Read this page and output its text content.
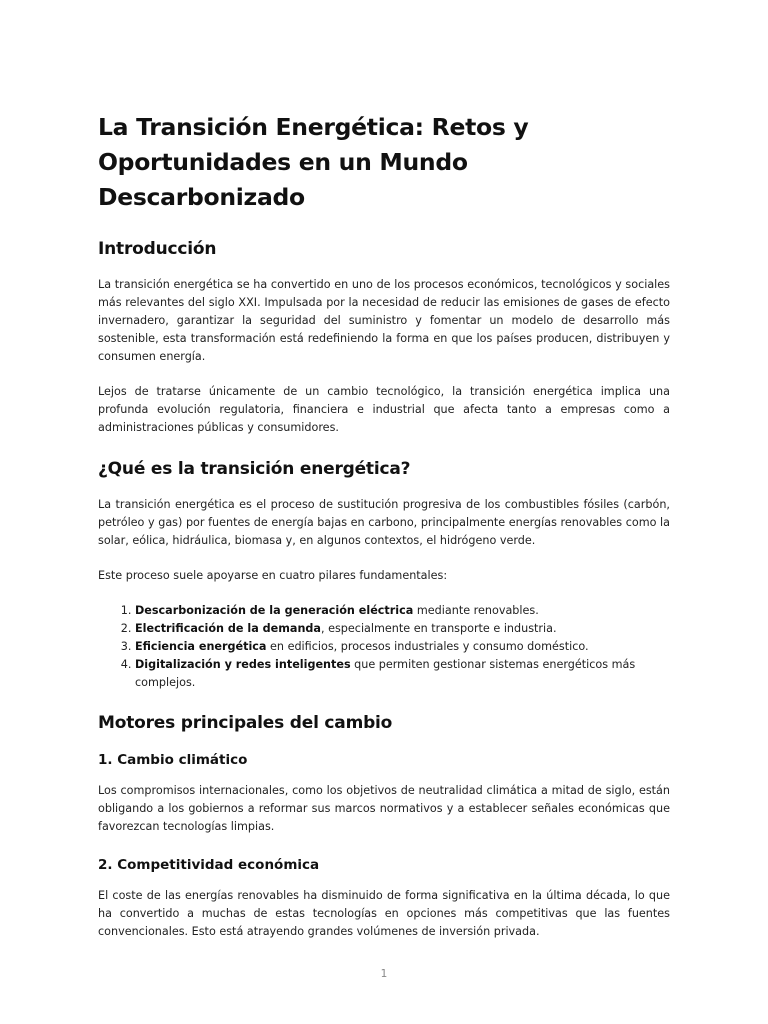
La Transición Energética: Retos y Oportunidades en un Mundo Descarbonizado
Introducción

La transición energética se ha convertido en uno de los procesos económicos, tecnológicos y sociales más relevantes del siglo XXI. Impulsada por la necesidad de reducir las emisiones de gases de efecto invernadero, garantizar la seguridad del suministro y fomentar un modelo de desarrollo más sostenible, esta transformación está redefiniendo la forma en que los países producen, distribuyen y consumen energía.

Lejos de tratarse únicamente de un cambio tecnológico, la transición energética implica una profunda evolución regulatoria, financiera e industrial que afecta tanto a empresas como a administraciones públicas y consumidores.

¿Qué es la transición energética?

La transición energética es el proceso de sustitución progresiva de los combustibles fósiles (carbón, petróleo y gas) por fuentes de energía bajas en carbono, principalmente energías renovables como la solar, eólica, hidráulica, biomasa y, en algunos contextos, el hidrógeno verde.

Este proceso suele apoyarse en cuatro pilares fundamentales:

1. Descarbonización de la generación eléctrica mediante renovables.
2. Electrificación de la demanda, especialmente en transporte e industria.
3. Eficiencia energética en edificios, procesos industriales y consumo doméstico.
4. Digitalización y redes inteligentes que permiten gestionar sistemas energéticos más complejos.
Motores principales del cambio
1. Cambio climático

Los compromisos internacionales, como los objetivos de neutralidad climática a mitad de siglo, están obligando a los gobiernos a reformar sus marcos normativos y a establecer señales económicas que favorezcan tecnologías limpias.

2. Competitividad económica

El coste de las energías renovables ha disminuido de forma significativa en la última década, lo que ha convertido a muchas de estas tecnologías en opciones más competitivas que las fuentes convencionales. Esto está atrayendo grandes volúmenes de inversión privada.

1
